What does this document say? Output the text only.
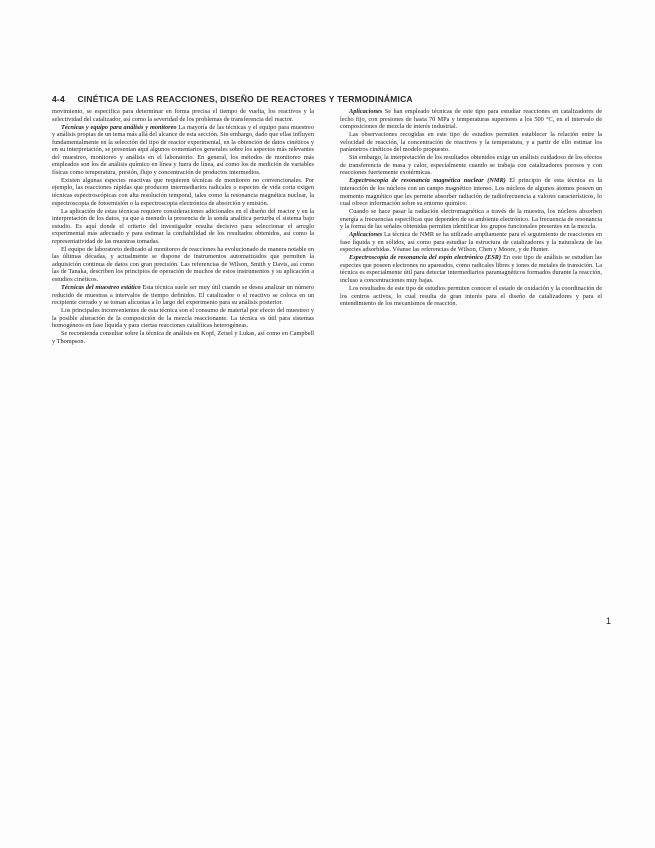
4-4 CINÉTICA DE LAS REACCIONES, DISEÑO DE REACTORES Y TERMODINÁMICA

movimiento, se especifica para determinar en forma precisa el tiempo de vuelta, los reactivos y la selectividad del catalizador, así como la severidad de los problemas de transferencia del reactor.

Técnicas y equipo para análisis y monitoreo La mayoría de las técnicas y el equipo para muestreo y análisis propias de un tema más allá del alcance de esta sección. Sin embargo, dado que ellas influyen fundamentalmente en la selección del tipo de reactor experimental, en la obtención de datos cinéticos y en su interpretación, se presentan aquí algunos comentarios generales sobre los aspectos más relevantes del muestreo, monitoreo y análisis en el laboratorio. En general, los métodos de monitoreo más empleados son los de análisis químico en línea y fuera de línea, así como los de medición de variables físicas como temperatura, presión, flujo y concentración de productos intermedios.

Existen algunas especies reactivas que requieren técnicas de monitoreo no convencionales. Por ejemplo, las reacciones rápidas que producen intermediarios radicales o especies de vida corta exigen técnicas espectroscópicas con alta resolución temporal, tales como la resonancia magnética nuclear, la espectroscopia de fotoemisión o la espectroscopia electrónica de absorción y emisión.

La aplicación de estas técnicas requiere consideraciones adicionales en el diseño del reactor y en la interpretación de los datos, ya que a menudo la presencia de la sonda analítica perturba el sistema bajo estudio. Es aquí donde el criterio del investigador resulta decisivo para seleccionar el arreglo experimental más adecuado y para estimar la confiabilidad de los resultados obtenidos, así como la representatividad de las muestras tomadas.

El equipo de laboratorio dedicado al monitoreo de reacciones ha evolucionado de manera notable en las últimas décadas, y actualmente se dispone de instrumentos automatizados que permiten la adquisición continua de datos con gran precisión. Las referencias de Wilson, Smith y Davis, así como las de Tanaka, describen los principios de operación de muchos de estos instrumentos y su aplicación a estudios cinéticos.

Técnicas del muestreo estático Esta técnica suele ser muy útil cuando se desea analizar un número reducido de muestras a intervalos de tiempo definidos. El catalizador o el reactivo se coloca en un recipiente cerrado y se toman alícuotas a lo largo del experimento para su análisis posterior.

Los principales inconvenientes de esta técnica son el consumo de material por efecto del muestreo y la posible alteración de la composición de la mezcla reaccionante. La técnica es útil para sistemas homogéneos en fase líquida y para ciertas reacciones catalíticas heterogéneas.

Se recomienda consultar sobre la técnica de análisis en Kopf, Zeisel y Lukas, así como en Campbell y Thompson.

Aplicaciones Se han empleado técnicas de este tipo para estudiar reacciones en catalizadores de lecho fijo, con presiones de hasta 70 MPa y temperaturas superiores a los 500 °C, en el intervalo de composiciones de mezcla de interés industrial.

Las observaciones recogidas en este tipo de estudios permiten establecer la relación entre la velocidad de reacción, la concentración de reactivos y la temperatura, y a partir de ello estimar los parámetros cinéticos del modelo propuesto.

Sin embargo, la interpretación de los resultados obtenidos exige un análisis cuidadoso de los efectos de transferencia de masa y calor, especialmente cuando se trabaja con catalizadores porosos y con reacciones fuertemente exotérmicas.

Espectroscopía de resonancia magnética nuclear (NMR) El principio de esta técnica es la interacción de los núcleos con un campo magnético intenso. Los núcleos de algunos átomos poseen un momento magnético que les permite absorber radiación de radiofrecuencia a valores característicos, lo cual ofrece información sobre su entorno químico.

Cuando se hace pasar la radiación electromagnética a través de la muestra, los núcleos absorben energía a frecuencias específicas que dependen de su ambiente electrónico. La frecuencia de resonancia y la forma de las señales obtenidas permiten identificar los grupos funcionales presentes en la mezcla.

Aplicaciones La técnica de NMR se ha utilizado ampliamente para el seguimiento de reacciones en fase líquida y en sólidos, así como para estudiar la estructura de catalizadores y la naturaleza de las especies adsorbidas. Véanse las referencias de Wilson, Chen y Moore, y de Hunter.

Espectroscopía de resonancia del espín electrónico (ESR) En este tipo de análisis se estudian las especies que poseen electrones no apareados, como radicales libres y iones de metales de transición. La técnica es especialmente útil para detectar intermediarios paramagnéticos formados durante la reacción, incluso a concentraciones muy bajas.

Los resultados de este tipo de estudios permiten conocer el estado de oxidación y la coordinación de los centros activos, lo cual resulta de gran interés para el diseño de catalizadores y para el entendimiento de los mecanismos de reacción.

1
